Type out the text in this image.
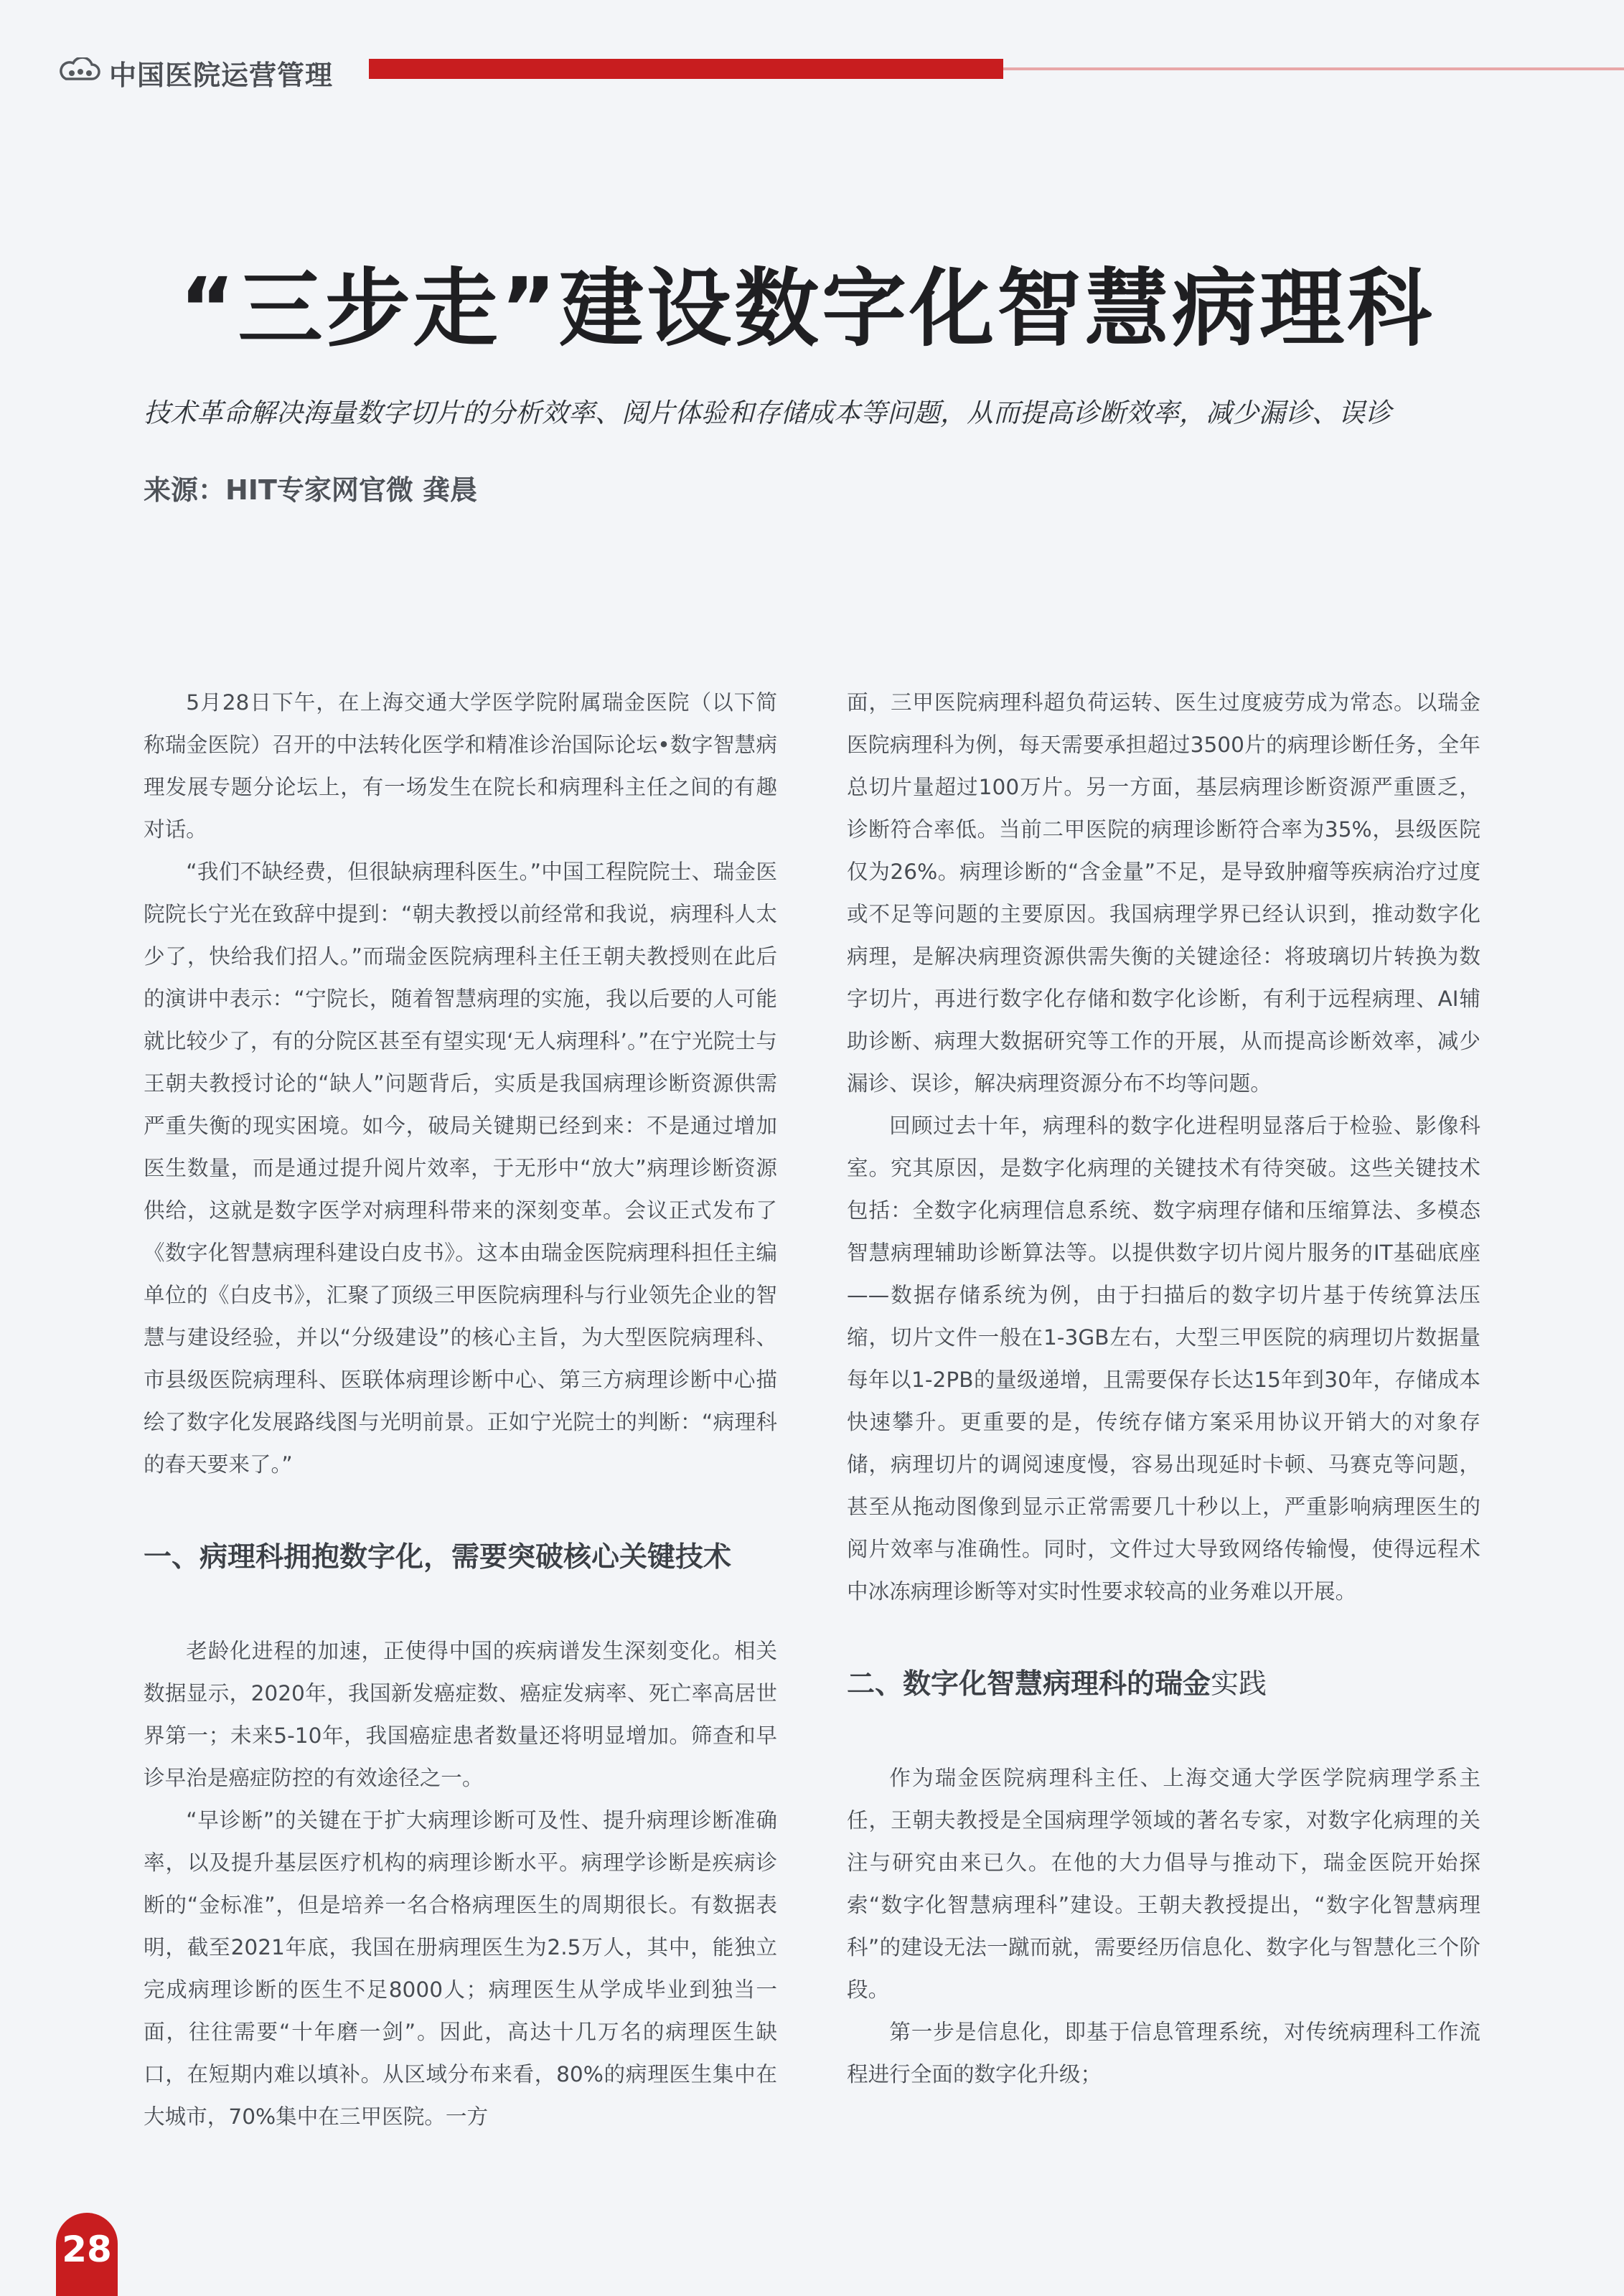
中国医院运营管理
“三步走”建设数字化智慧病理科
技术革命解决海量数字切片的分析效率、阅片体验和存储成本等问题，从而提高诊断效率，减少漏诊、误诊
来源：HIT专家网官微 龚晨

5月28日下午，在上海交通大学医学院附属瑞金医院（以下简称瑞金医院）召开的中法转化医学和精准诊治国际论坛•数字智慧病理发展专题分论坛上，有一场发生在院长和病理科主任之间的有趣对话。

“我们不缺经费，但很缺病理科医生。”中国工程院院士、瑞金医院院长宁光在致辞中提到：“朝夫教授以前经常和我说，病理科人太少了，快给我们招人。”而瑞金医院病理科主任王朝夫教授则在此后的演讲中表示：“宁院长，随着智慧病理的实施，我以后要的人可能就比较少了，有的分院区甚至有望实现‘无人病理科’。”在宁光院士与王朝夫教授讨论的“缺人”问题背后，实质是我国病理诊断资源供需严重失衡的现实困境。如今，破局关键期已经到来：不是通过增加医生数量，而是通过提升阅片效率，于无形中“放大”病理诊断资源供给，这就是数字医学对病理科带来的深刻变革。会议正式发布了《数字化智慧病理科建设白皮书》。这本由瑞金医院病理科担任主编单位的《白皮书》，汇聚了顶级三甲医院病理科与行业领先企业的智慧与建设经验，并以“分级建设”的核心主旨，为大型医院病理科、市县级医院病理科、医联体病理诊断中心、第三方病理诊断中心描绘了数字化发展路线图与光明前景。正如宁光院士的判断：“病理科的春天要来了。”

一、病理科拥抱数字化，需要突破核心关键技术

老龄化进程的加速，正使得中国的疾病谱发生深刻变化。相关数据显示，2020年，我国新发癌症数、癌症发病率、死亡率高居世界第一；未来5-10年，我国癌症患者数量还将明显增加。筛查和早诊早治是癌症防控的有效途径之一。

“早诊断”的关键在于扩大病理诊断可及性、提升病理诊断准确率，以及提升基层医疗机构的病理诊断水平。病理学诊断是疾病诊断的“金标准”，但是培养一名合格病理医生的周期很长。有数据表明，截至2021年底，我国在册病理医生为2.5万人，其中，能独立完成病理诊断的医生不足8000人；病理医生从学成毕业到独当一面，往往需要“十年磨一剑”。因此，高达十几万名的病理医生缺口，在短期内难以填补。从区域分布来看，80%的病理医生集中在大城市，70%集中在三甲医院。一方

面，三甲医院病理科超负荷运转、医生过度疲劳成为常态。以瑞金医院病理科为例，每天需要承担超过3500片的病理诊断任务，全年总切片量超过100万片。另一方面，基层病理诊断资源严重匮乏，诊断符合率低。当前二甲医院的病理诊断符合率为35%，县级医院仅为26%。病理诊断的“含金量”不足，是导致肿瘤等疾病治疗过度或不足等问题的主要原因。我国病理学界已经认识到，推动数字化病理，是解决病理资源供需失衡的关键途径：将玻璃切片转换为数字切片，再进行数字化存储和数字化诊断，有利于远程病理、AI辅助诊断、病理大数据研究等工作的开展，从而提高诊断效率，减少漏诊、误诊，解决病理资源分布不均等问题。

回顾过去十年，病理科的数字化进程明显落后于检验、影像科室。究其原因，是数字化病理的关键技术有待突破。这些关键技术包括：全数字化病理信息系统、数字病理存储和压缩算法、多模态智慧病理辅助诊断算法等。以提供数字切片阅片服务的IT基础底座——数据存储系统为例，由于扫描后的数字切片基于传统算法压缩，切片文件一般在1-3GB左右，大型三甲医院的病理切片数据量每年以1-2PB的量级递增，且需要保存长达15年到30年，存储成本快速攀升。更重要的是，传统存储方案采用协议开销大的对象存储，病理切片的调阅速度慢，容易出现延时卡顿、马赛克等问题，甚至从拖动图像到显示正常需要几十秒以上，严重影响病理医生的阅片效率与准确性。同时，文件过大导致网络传输慢，使得远程术中冰冻病理诊断等对实时性要求较高的业务难以开展。

二、数字化智慧病理科的瑞金实践

作为瑞金医院病理科主任、上海交通大学医学院病理学系主任，王朝夫教授是全国病理学领域的著名专家，对数字化病理的关注与研究由来已久。在他的大力倡导与推动下，瑞金医院开始探索“数字化智慧病理科”建设。王朝夫教授提出，“数字化智慧病理科”的建设无法一蹴而就，需要经历信息化、数字化与智慧化三个阶段。

第一步是信息化，即基于信息管理系统，对传统病理科工作流程进行全面的数字化升级；

28
